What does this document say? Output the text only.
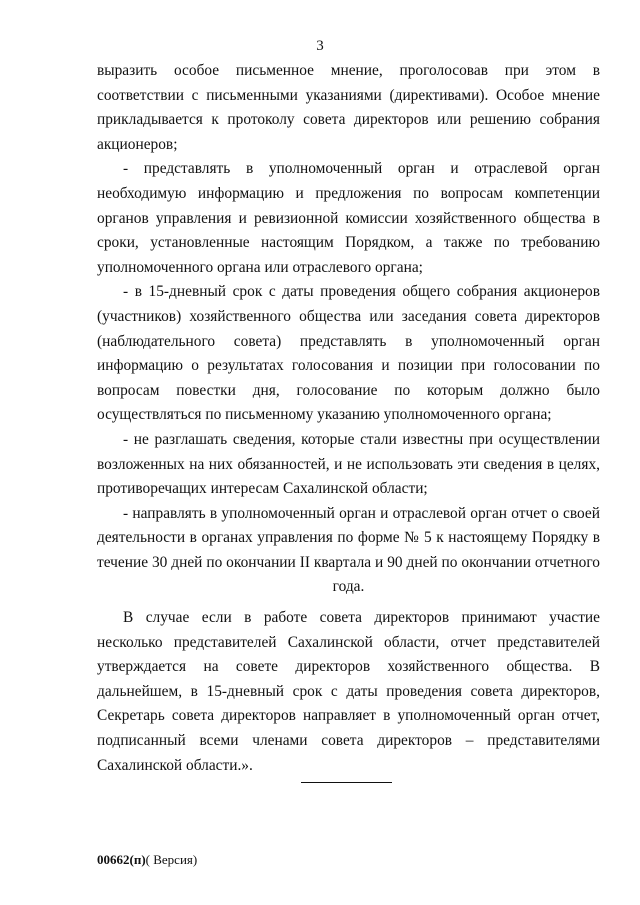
3

выразить особое письменное мнение, проголосовав при этом в соответствии с письменными указаниями (директивами). Особое мнение прикладывается к протоколу совета директоров или решению собрания акционеров;

- представлять в уполномоченный орган и отраслевой орган необходимую информацию и предложения по вопросам компетенции органов управления и ревизионной комиссии хозяйственного общества в сроки, установленные настоящим Порядком, а также по требованию уполномоченного органа или отраслевого органа;

- в 15-дневный срок с даты проведения общего собрания акционеров (участников) хозяйственного общества или заседания совета директоров (наблюдательного совета) представлять в уполномоченный орган информацию о результатах голосования и позиции при голосовании по вопросам повестки дня, голосование по которым должно было осуществляться по письменному указанию уполномоченного органа;

- не разглашать сведения, которые стали известны при осуществлении возложенных на них обязанностей, и не использовать эти сведения в целях, противоречащих интересам Сахалинской области;

- направлять в уполномоченный орган и отраслевой орган отчет о своей деятельности в органах управления по форме № 5 к настоящему Порядку в течение 30 дней по окончании II квартала и 90 дней по окончании отчетного года.

В случае если в работе совета директоров принимают участие несколько представителей Сахалинской области, отчет представителей утверждается на совете директоров хозяйственного общества. В дальнейшем, в 15-дневный срок с даты проведения совета директоров, Секретарь совета директоров направляет в уполномоченный орган отчет, подписанный всеми членами совета директоров – представителями Сахалинской области.».

00662(п)( Версия)
